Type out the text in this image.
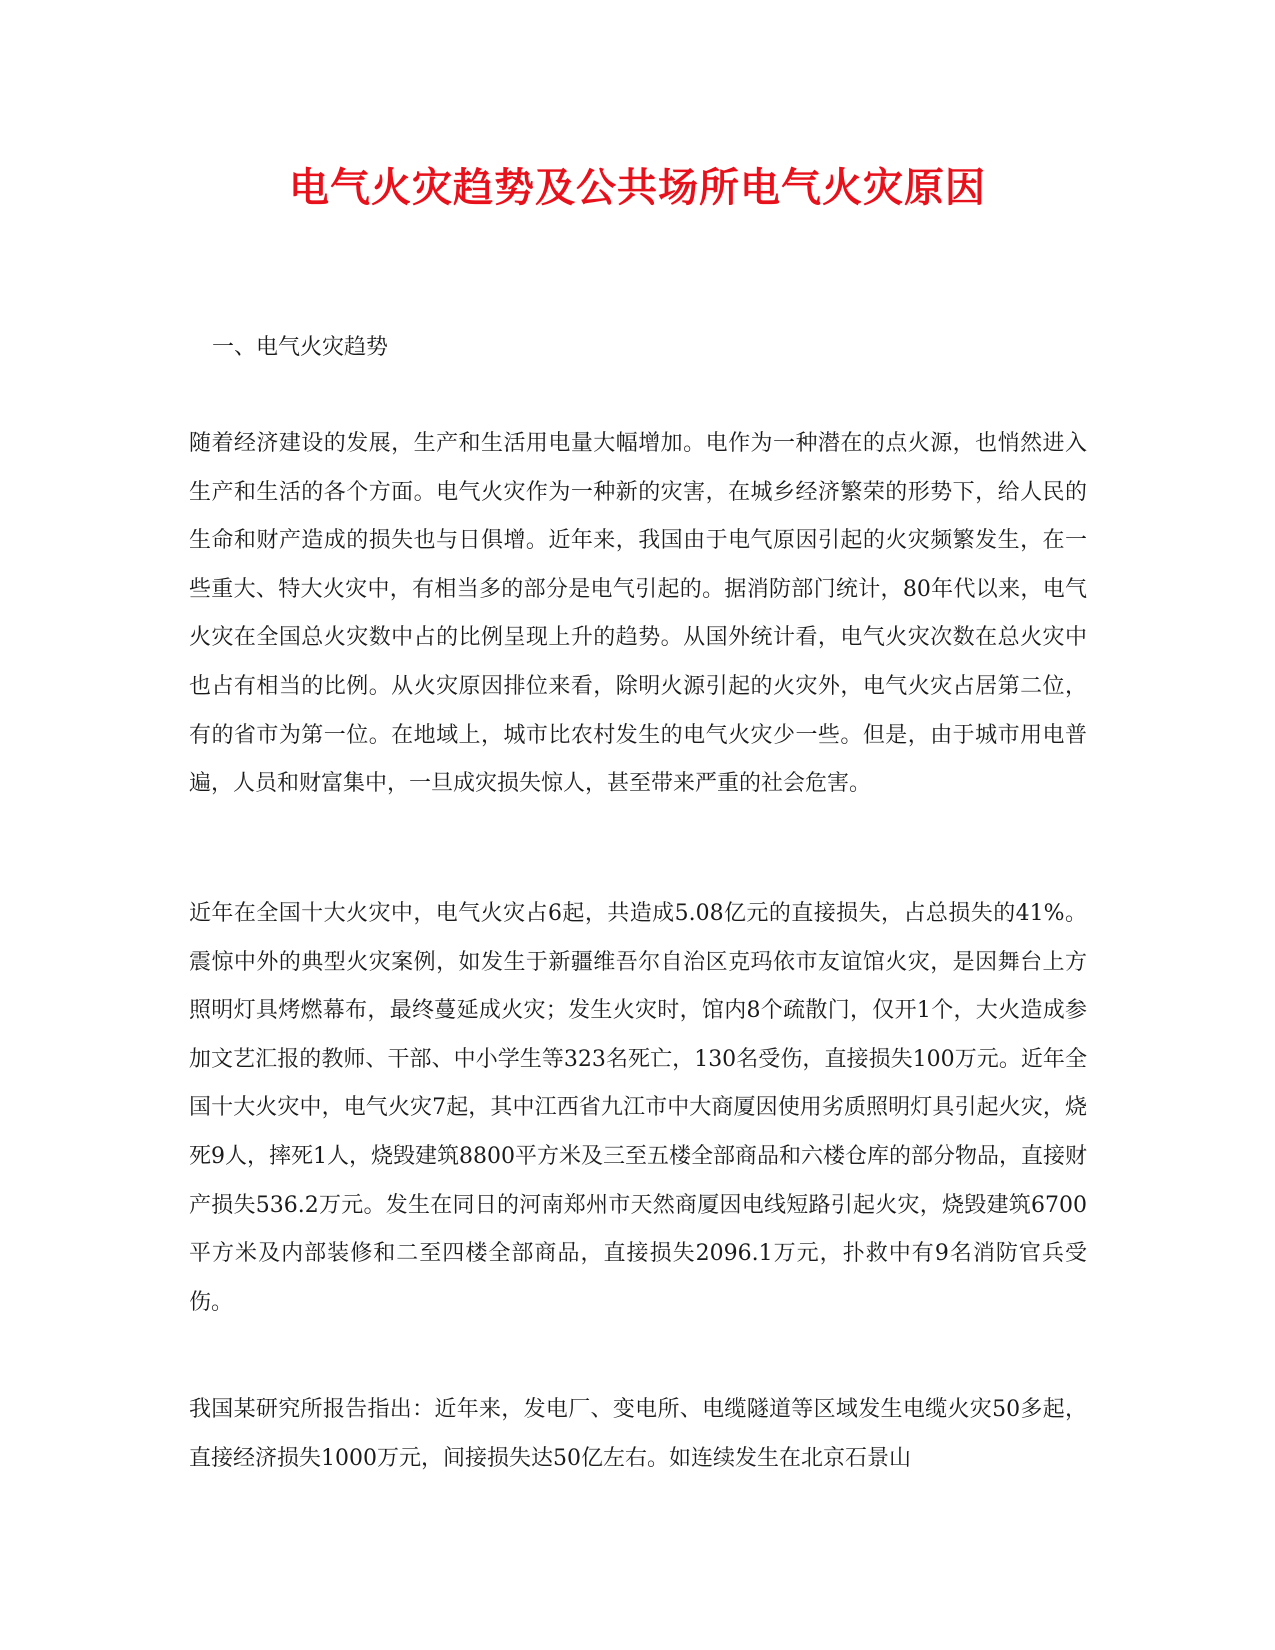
电气火灾趋势及公共场所电气火灾原因
一、电气火灾趋势

随着经济建设的发展，生产和生活用电量大幅增加。电作为一种潜在的点火源，也悄然进入生产和生活的各个方面。电气火灾作为一种新的灾害，在城乡经济繁荣的形势下，给人民的生命和财产造成的损失也与日俱增。近年来，我国由于电气原因引起的火灾频繁发生，在一些重大、特大火灾中，有相当多的部分是电气引起的。据消防部门统计，80年代以来，电气火灾在全国总火灾数中占的比例呈现上升的趋势。从国外统计看，电气火灾次数在总火灾中也占有相当的比例。从火灾原因排位来看，除明火源引起的火灾外，电气火灾占居第二位，有的省市为第一位。在地域上，城市比农村发生的电气火灾少一些。但是，由于城市用电普遍，人员和财富集中，一旦成灾损失惊人，甚至带来严重的社会危害。

近年在全国十大火灾中，电气火灾占6起，共造成5.08亿元的直接损失，占总损失的41%。震惊中外的典型火灾案例，如发生于新疆维吾尔自治区克玛依市友谊馆火灾，是因舞台上方照明灯具烤燃幕布，最终蔓延成火灾；发生火灾时，馆内8个疏散门，仅开1个，大火造成参加文艺汇报的教师、干部、中小学生等323名死亡，130名受伤，直接损失100万元。近年全国十大火灾中，电气火灾7起，其中江西省九江市中大商厦因使用劣质照明灯具引起火灾，烧死9人，摔死1人，烧毁建筑8800平方米及三至五楼全部商品和六楼仓库的部分物品，直接财产损失536.2万元。发生在同日的河南郑州市天然商厦因电线短路引起火灾，烧毁建筑6700平方米及内部装修和二至四楼全部商品，直接损失2096.1万元，扑救中有9名消防官兵受伤。

我国某研究所报告指出：近年来，发电厂、变电所、电缆隧道等区域发生电缆火灾50多起，直接经济损失1000万元，间接损失达50亿左右。如连续发生在北京石景山
